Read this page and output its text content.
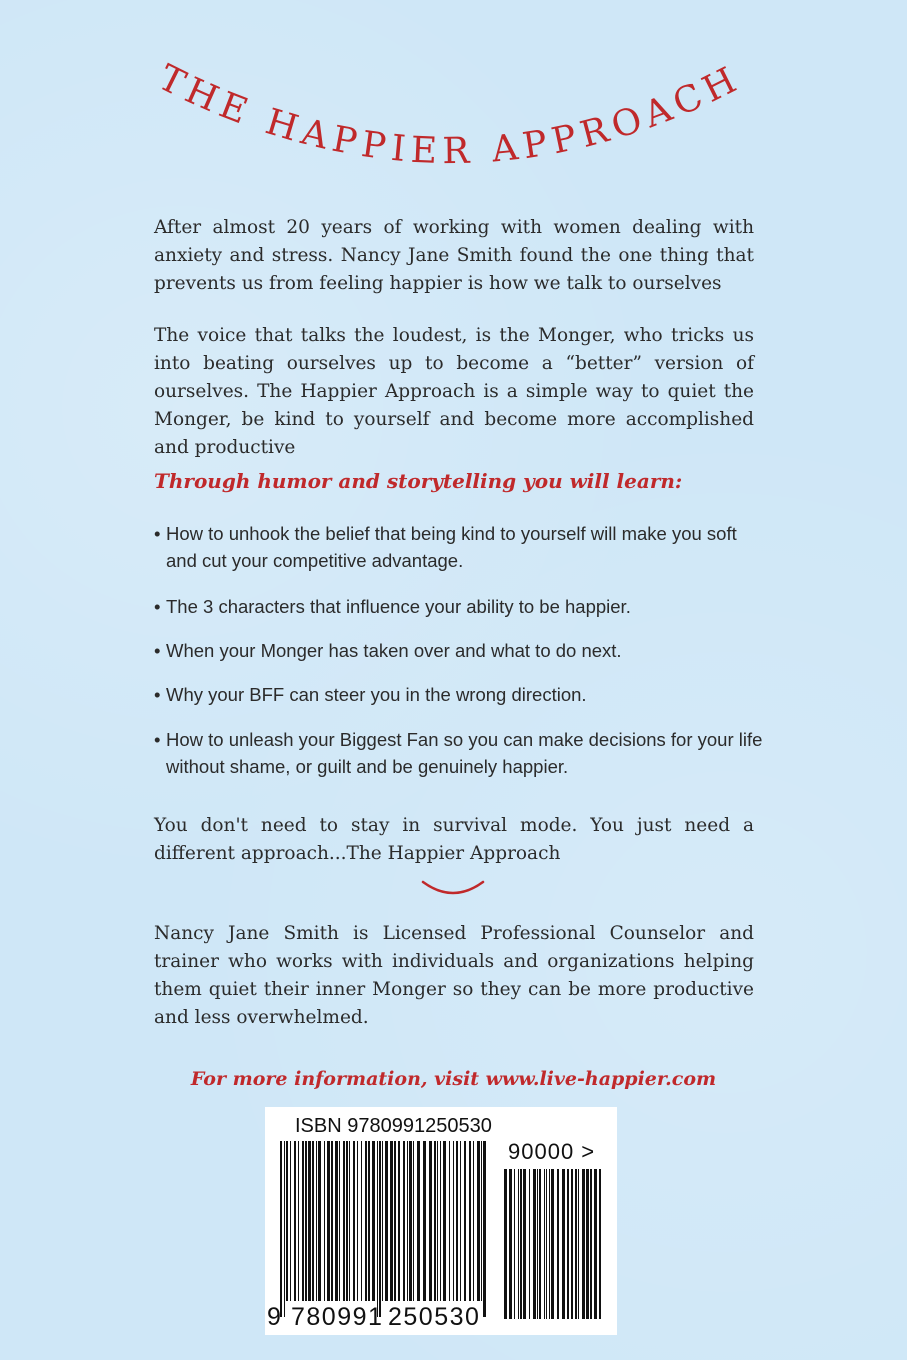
THE HAPPIER APPROACH

After almost 20 years of working with women dealing with anxiety and stress. Nancy Jane Smith found the one thing that prevents us from feeling happier is how we talk to ourselves

The voice that talks the loudest, is the Monger, who tricks us into beating ourselves up to become a “better” version of ourselves. The Happier Approach is a simple way to quiet the Monger, be kind to yourself and become more accomplished and productive

Through humor and storytelling you will learn:

• How to unhook the belief that being kind to yourself will make you soft and cut your competitive advantage.
• The 3 characters that influence your ability to be happier.
• When your Monger has taken over and what to do next.
• Why your BFF can steer you in the wrong direction.
• How to unleash your Biggest Fan so you can make decisions for your life without shame, or guilt and be genuinely happier.

You don't need to stay in survival mode. You just need a different approach...The Happier Approach

Nancy Jane Smith is Licensed Professional Counselor and trainer who works with individuals and organizations helping them quiet their inner Monger so they can be more productive and less overwhelmed.

For more information, visit www.live-happier.com

ISBN 9780991250530
90000 >
9 780991 250530
